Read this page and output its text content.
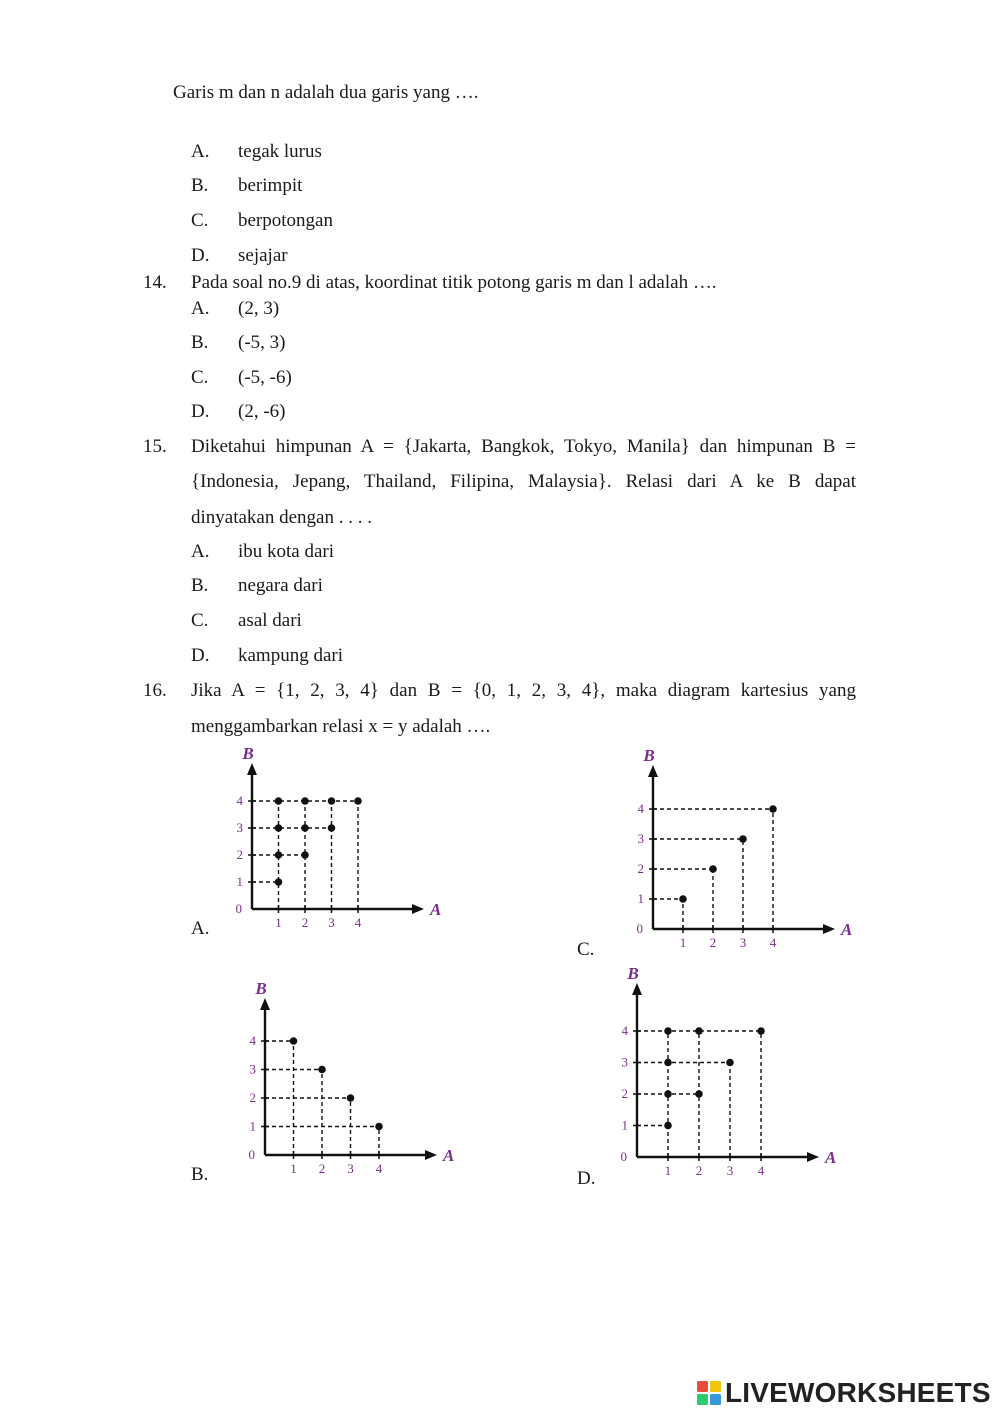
Garis m dan n adalah dua garis yang ….
A. tegak lurus
B. berimpit
C. berpotongan
D. sejajar
14. Pada soal no.9 di atas, koordinat titik potong garis m dan l adalah ….
A. (2, 3)
B. (-5, 3)
C. (-5, -6)
D. (2, -6)
15. Diketahui himpunan A = {Jakarta, Bangkok, Tokyo, Manila} dan himpunan B =
{Indonesia, Jepang, Thailand, Filipina, Malaysia}. Relasi dari A ke B dapat
dinyatakan dengan . . . .
A. ibu kota dari
B. negara dari
C. asal dari
D. kampung dari
16. Jika A = {1, 2, 3, 4} dan B = {0, 1, 2, 3, 4}, maka diagram kartesius yang
menggambarkan relasi x = y adalah ….
A.
C.
B.	D.
1 2 3 4
1
2
3
4
0	A
B
1 2 3 4
1
2
3
4
0	A
B
1 2 3 4
1
2
3
4
0	A
B
1 2 3 4
1
2
3
4
0	A
B
LIVEWORKSHEETS
